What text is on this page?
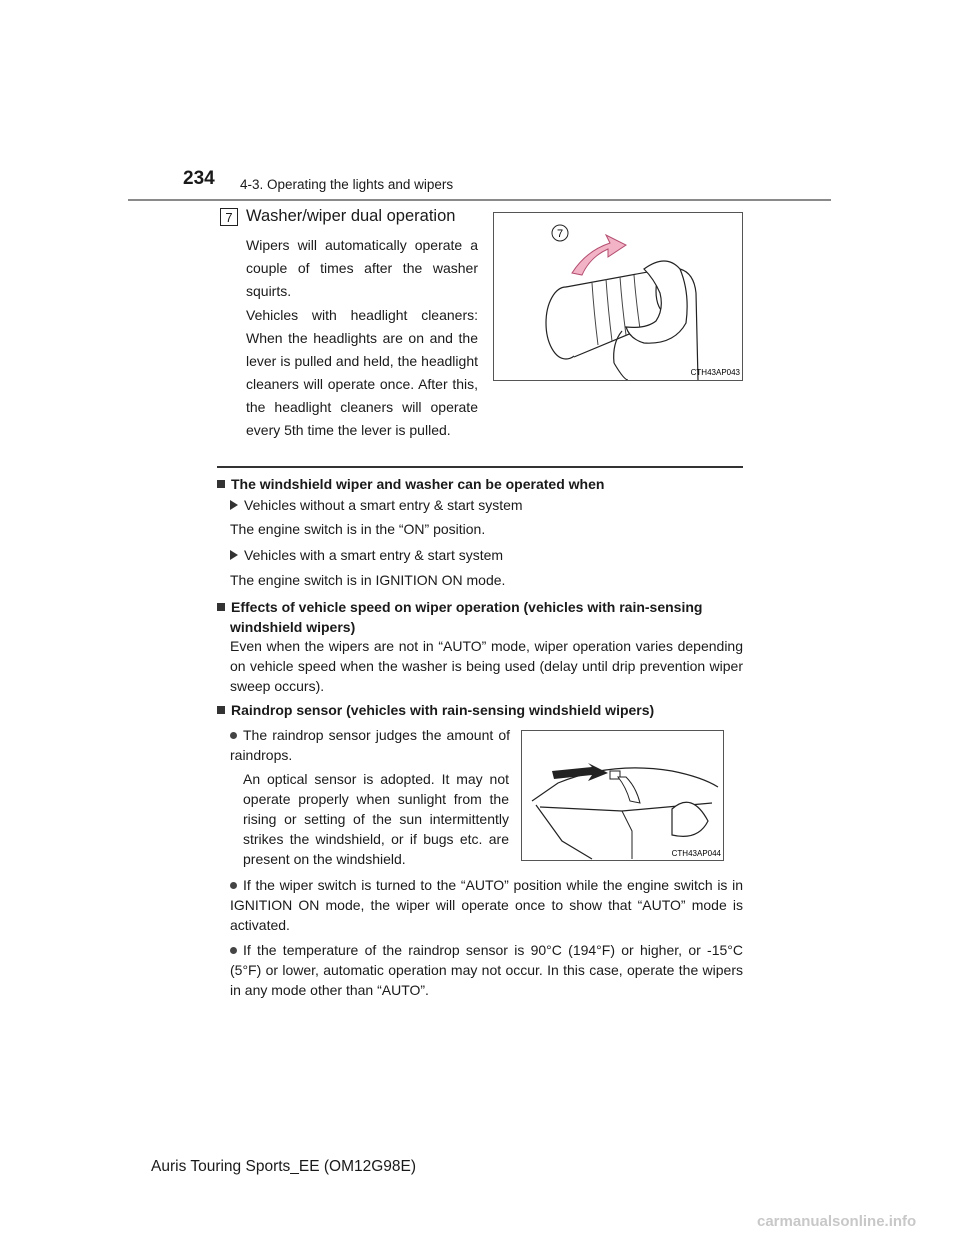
234 4-3. Operating the lights and wipers
7 Washer/wiper dual operation
Wipers will automatically operate a couple of times after the washer squirts.
Vehicles with headlight cleaners: When the headlights are on and the lever is pulled and held, the headlight cleaners will operate once. After this, the headlight cleaners will operate every 5th time the lever is pulled.
7
CTH43AP043
The windshield wiper and washer can be operated when
Vehicles without a smart entry & start system
The engine switch is in the “ON” position.
Vehicles with a smart entry & start system
The engine switch is in IGNITION ON mode.
Effects of vehicle speed on wiper operation (vehicles with rain-sensing
windshield wipers)
Even when the wipers are not in “AUTO” mode, wiper operation varies depending on vehicle speed when the washer is being used (delay until drip prevention wiper sweep occurs).
Raindrop sensor (vehicles with rain-sensing windshield wipers)
The raindrop sensor judges the amount of raindrops.
An optical sensor is adopted. It may not operate properly when sunlight from the rising or setting of the sun intermittently strikes the windshield, or if bugs etc. are present on the windshield.	CTH43AP044
If the wiper switch is turned to the “AUTO” position while the engine switch is in IGNITION ON mode, the wiper will operate once to show that “AUTO” mode is activated.
If the temperature of the raindrop sensor is 90°C (194°F) or higher, or -15°C (5°F) or lower, automatic operation may not occur. In this case, operate the wipers in any mode other than “AUTO”.
Auris Touring Sports_EE (OM12G98E)
carmanualsonline.info
